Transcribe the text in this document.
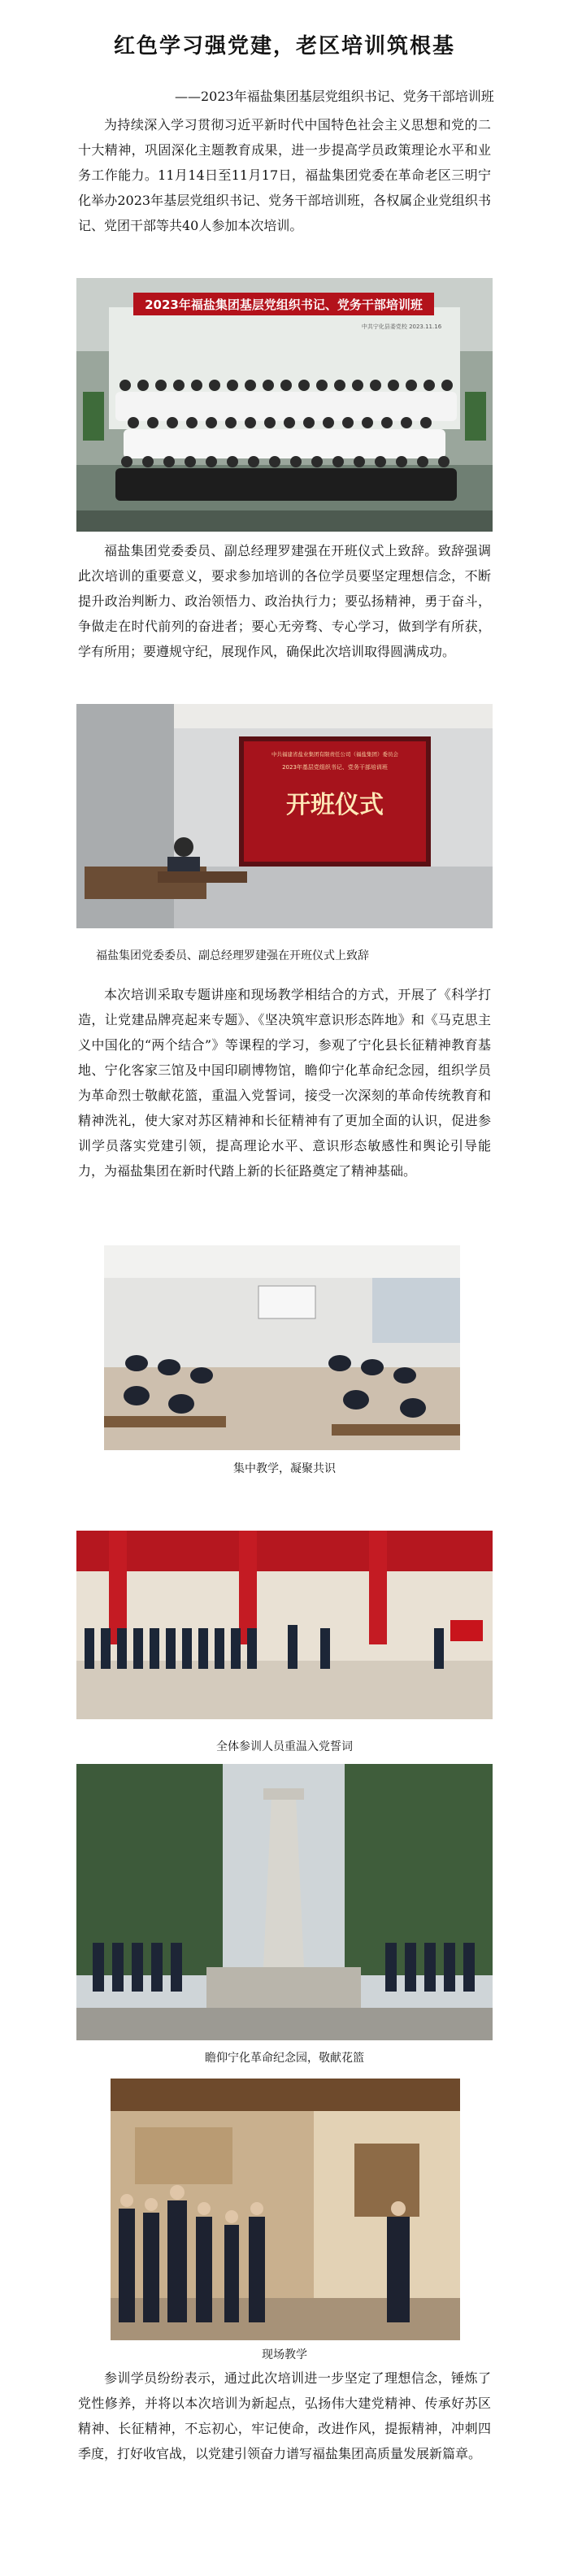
红色学习强党建，老区培训筑根基
——2023年福盐集团基层党组织书记、党务干部培训班

为持续深入学习贯彻习近平新时代中国特色社会主义思想和党的二十大精神，巩固深化主题教育成果，进一步提高学员政策理论水平和业务工作能力。11月14日至11月17日，福盐集团党委在革命老区三明宁化举办2023年基层党组织书记、党务干部培训班，各权属企业党组织书记、党团干部等共40人参加本次培训。

2023年福盐集团基层党组织书记、党务干部培训班
中共宁化县委党校 2023.11.16

福盐集团党委委员、副总经理罗建强在开班仪式上致辞。致辞强调此次培训的重要意义，要求参加培训的各位学员要坚定理想信念，不断提升政治判断力、政治领悟力、政治执行力；要弘扬精神，勇于奋斗，争做走在时代前列的奋进者；要心无旁骛、专心学习，做到学有所获，学有所用；要遵规守纪，展现作风，确保此次培训取得圆满成功。

中共福建省盐业集团有限责任公司（福盐集团）委员会
2023年基层党组织书记、党务干部培训班
开班仪式
福盐集团党委委员、副总经理罗建强在开班仪式上致辞

本次培训采取专题讲座和现场教学相结合的方式，开展了《科学打造，让党建品牌亮起来专题》、《坚决筑牢意识形态阵地》和《马克思主义中国化的“两个结合”》等课程的学习，参观了宁化县长征精神教育基地、宁化客家三馆及中国印刷博物馆，瞻仰宁化革命纪念园，组织学员为革命烈士敬献花篮，重温入党誓词，接受一次深刻的革命传统教育和精神洗礼，使大家对苏区精神和长征精神有了更加全面的认识，促进参训学员落实党建引领，提高理论水平、意识形态敏感性和舆论引导能力，为福盐集团在新时代踏上新的长征路奠定了精神基础。

集中教学，凝聚共识
全体参训人员重温入党誓词
瞻仰宁化革命纪念园，敬献花篮
现场教学

参训学员纷纷表示，通过此次培训进一步坚定了理想信念，锤炼了党性修养，并将以本次培训为新起点，弘扬伟大建党精神、传承好苏区精神、长征精神，不忘初心，牢记使命，改进作风，提振精神，冲刺四季度，打好收官战，以党建引领奋力谱写福盐集团高质量发展新篇章。
